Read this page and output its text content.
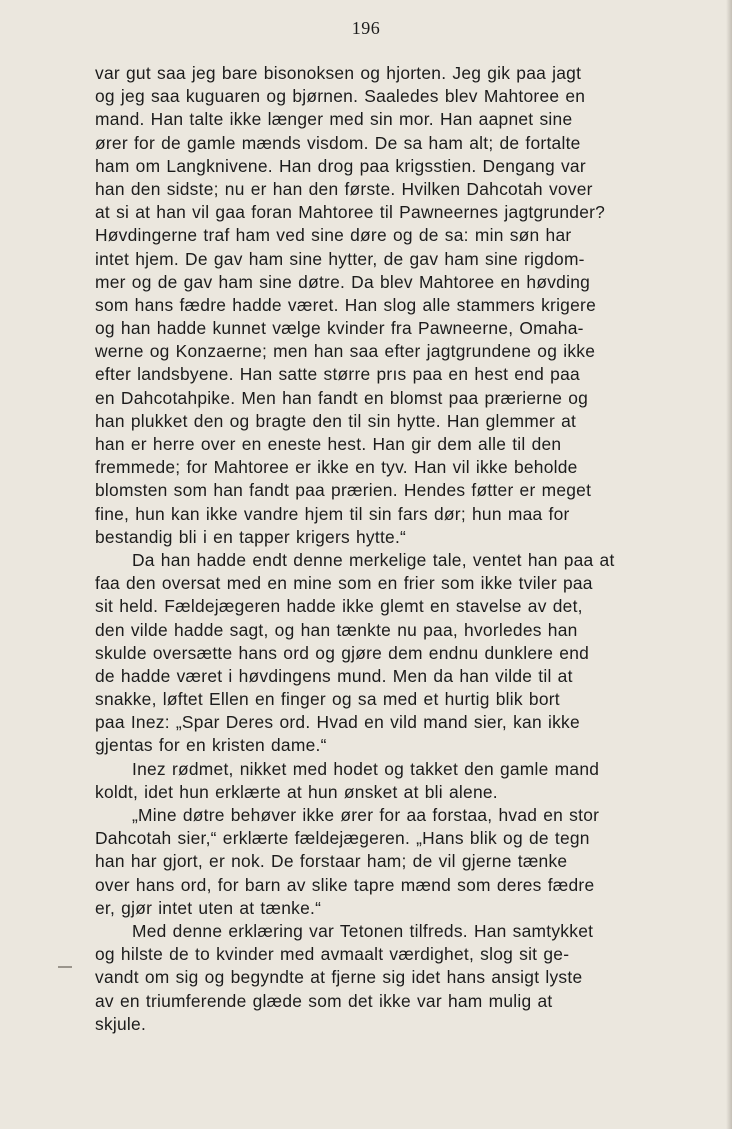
196
var gut saa jeg bare bisonoksen og hjorten. Jeg gik paa jagt
og jeg saa kuguaren og bjørnen. Saaledes blev Mahtoree en
mand. Han talte ikke længer med sin mor. Han aapnet sine
ører for de gamle mænds visdom. De sa ham alt; de fortalte
ham om Langknivene. Han drog paa krigsstien. Dengang var
han den sidste; nu er han den første. Hvilken Dahcotah vover
at si at han vil gaa foran Mahtoree til Pawneernes jagtgrunder?
Høvdingerne traf ham ved sine døre og de sa: min søn har
intet hjem. De gav ham sine hytter, de gav ham sine rigdom-
mer og de gav ham sine døtre. Da blev Mahtoree en høvding
som hans fædre hadde været. Han slog alle stammers krigere
og han hadde kunnet vælge kvinder fra Pawneerne, Omaha-
werne og Konzaerne; men han saa efter jagtgrundene og ikke
efter landsbyene. Han satte større prıs paa en hest end paa
en Dahcotahpike. Men han fandt en blomst paa prærierne og
han plukket den og bragte den til sin hytte. Han glemmer at
han er herre over en eneste hest. Han gir dem alle til den
fremmede; for Mahtoree er ikke en tyv. Han vil ikke beholde
blomsten som han fandt paa prærien. Hendes føtter er meget
fine, hun kan ikke vandre hjem til sin fars dør; hun maa for
bestandig bli i en tapper krigers hytte.“
Da han hadde endt denne merkelige tale, ventet han paa at
faa den oversat med en mine som en frier som ikke tviler paa
sit held. Fældejægeren hadde ikke glemt en stavelse av det,
den vilde hadde sagt, og han tænkte nu paa, hvorledes han
skulde oversætte hans ord og gjøre dem endnu dunklere end
de hadde været i høvdingens mund. Men da han vilde til at
snakke, løftet Ellen en finger og sa med et hurtig blik bort
paa Inez: „Spar Deres ord. Hvad en vild mand sier, kan ikke
gjentas for en kristen dame.“
Inez rødmet, nikket med hodet og takket den gamle mand
koldt, idet hun erklærte at hun ønsket at bli alene.
„Mine døtre behøver ikke ører for aa forstaa, hvad en stor
Dahcotah sier,“ erklærte fældejægeren. „Hans blik og de tegn
han har gjort, er nok. De forstaar ham; de vil gjerne tænke
over hans ord, for barn av slike tapre mænd som deres fædre
er, gjør intet uten at tænke.“
Med denne erklæring var Tetonen tilfreds. Han samtykket
og hilste de to kvinder med avmaalt værdighet, slog sit ge-
vandt om sig og begyndte at fjerne sig idet hans ansigt lyste
av en triumferende glæde som det ikke var ham mulig at
skjule.
